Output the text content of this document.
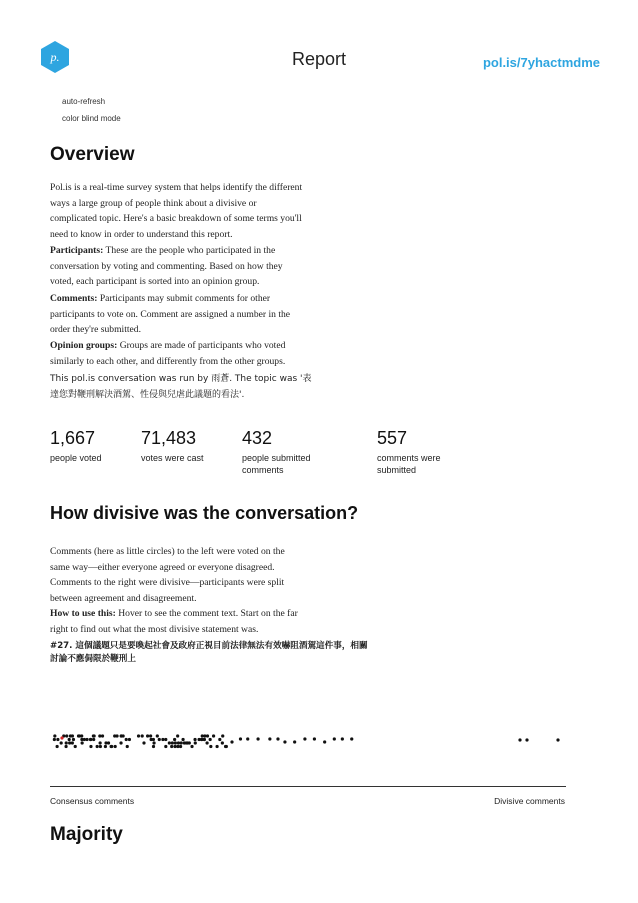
p.	Report	pol.is/7yhactmdme
auto-refresh
color blind mode
Overview
Pol.is is a real-time survey system that helps identify the different ways a large group of people think about a divisive or complicated topic. Here's a basic breakdown of some terms you'll need to know in order to understand this report.
Participants: These are the people who participated in the conversation by voting and commenting. Based on how they voted, each participant is sorted into an opinion group.
Comments: Participants may submit comments for other participants to vote on. Comment are assigned a number in the order they're submitted.
Opinion groups: Groups are made of participants who voted similarly to each other, and differently from the other groups.
This pol.is conversation was run by 雨蒼. The topic was '表達您對鞭刑解決酒駕、性侵與兒虐此議題的看法'.
1,667
people voted
71,483
votes were cast
432
people submitted comments
557
comments were submitted
How divisive was the conversation?
Comments (here as little circles) to the left were voted on the same way—either everyone agreed or everyone disagreed. Comments to the right were divisive—participants were split between agreement and disagreement.
How to use this: Hover to see the comment text. Start on the far right to find out what the most divisive statement was.
#27. 這個議題只是要喚起社會及政府正視目前法律無法有效嚇阻酒駕這件事，相關討論不應侷限於鞭刑上
Consensus comments	Divisive comments
Majority
